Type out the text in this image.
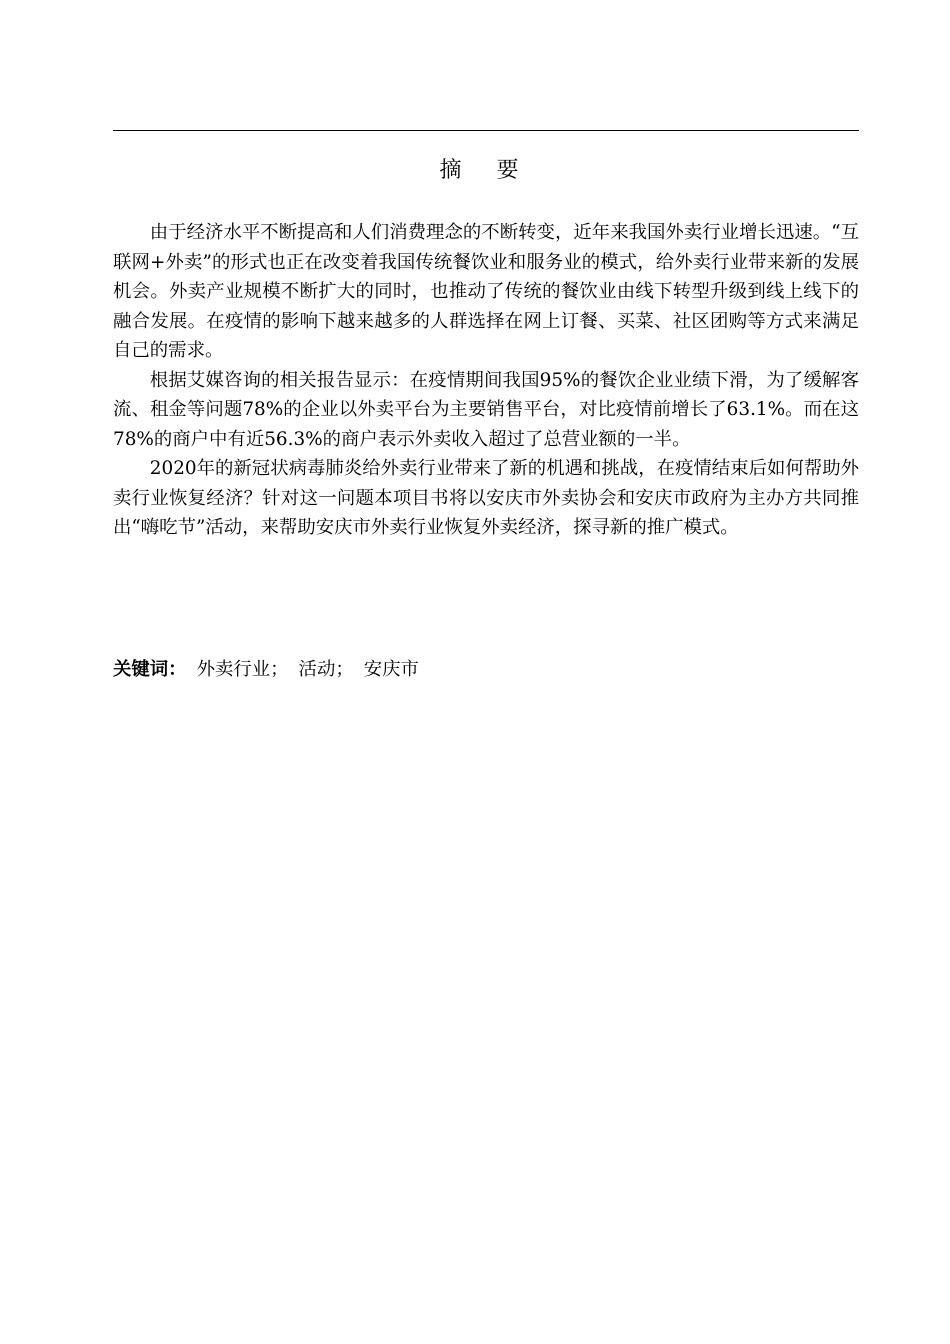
摘 要

由于经济水平不断提高和人们消费理念的不断转变，近年来我国外卖行业增长迅速。“互联网+外卖”的形式也正在改变着我国传统餐饮业和服务业的模式，给外卖行业带来新的发展机会。外卖产业规模不断扩大的同时，也推动了传统的餐饮业由线下转型升级到线上线下的融合发展。在疫情的影响下越来越多的人群选择在网上订餐、买菜、社区团购等方式来满足自己的需求。

根据艾媒咨询的相关报告显示：在疫情期间我国95%的餐饮企业业绩下滑，为了缓解客流、租金等问题78%的企业以外卖平台为主要销售平台，对比疫情前增长了63.1%。而在这78%的商户中有近56.3%的商户表示外卖收入超过了总营业额的一半。

2020年的新冠状病毒肺炎给外卖行业带来了新的机遇和挑战，在疫情结束后如何帮助外卖行业恢复经济？针对这一问题本项目书将以安庆市外卖协会和安庆市政府为主办方共同推出“嗨吃节”活动，来帮助安庆市外卖行业恢复外卖经济，探寻新的推广模式。

关键词： 外卖行业； 活动； 安庆市
